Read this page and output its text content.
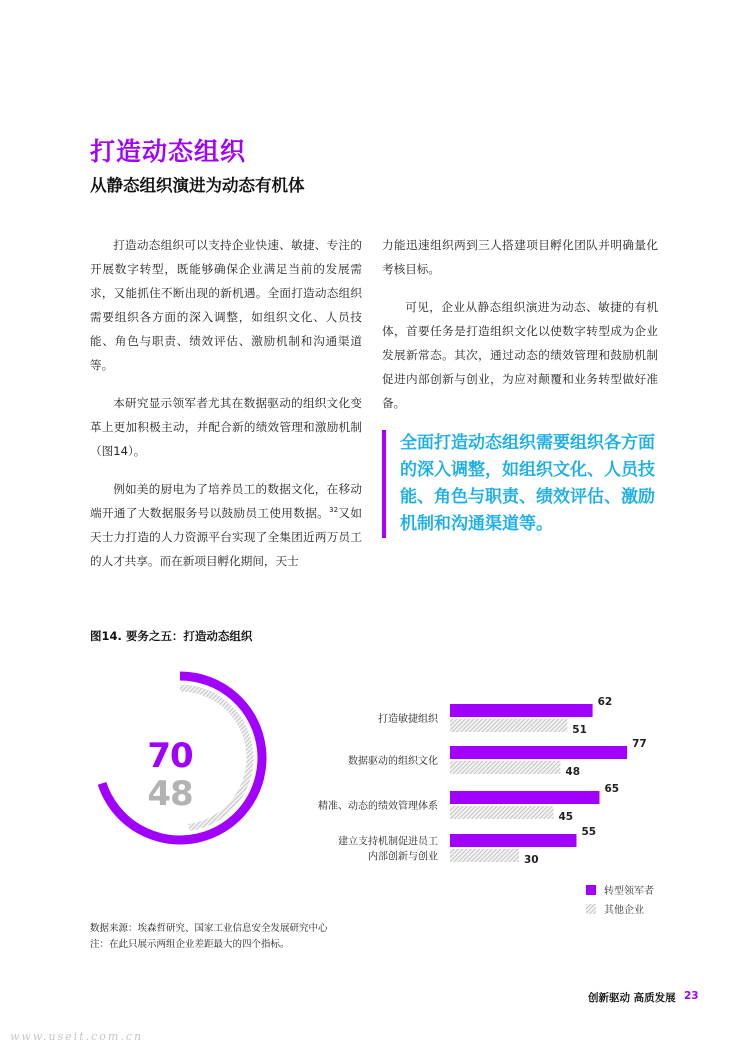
打造动态组织
从静态组织演进为动态有机体

打造动态组织可以支持企业快速、敏捷、专注的开展数字转型，既能够确保企业满足当前的发展需求，又能抓住不断出现的新机遇。全面打造动态组织需要组织各方面的深入调整，如组织文化、人员技能、角色与职责、绩效评估、激励机制和沟通渠道等。

本研究显示领军者尤其在数据驱动的组织文化变革上更加积极主动，并配合新的绩效管理和激励机制（图14）。

例如美的厨电为了培养员工的数据文化，在移动端开通了大数据服务号以鼓励员工使用数据。$^{32}$又如天士力打造的人力资源平台实现了全集团近两万员工的人才共享。而在新项目孵化期间，天士

力能迅速组织两到三人搭建项目孵化团队并明确量化考核目标。

可见，企业从静态组织演进为动态、敏捷的有机体，首要任务是打造组织文化以使数字转型成为企业发展新常态。其次，通过动态的绩效管理和鼓励机制促进内部创新与创业，为应对颠覆和业务转型做好准备。

全面打造动态组织需要组织各方面的深入调整，如组织文化、人员技能、角色与职责、绩效评估、激励机制和沟通渠道等。
图14. 要务之五：打造动态组织
70
48
打造敏捷组织
62
51
数据驱动的组织文化
77
48
精准、动态的绩效管理体系
65
45
建立支持机制促进员工
内部创新与创业
55
30
转型领军者
其他企业
数据来源：埃森哲研究、国家工业信息安全发展研究中心
注：在此只展示两组企业差距最大的四个指标。
创新驱动 高质发展 23
www.useit.com.cn
